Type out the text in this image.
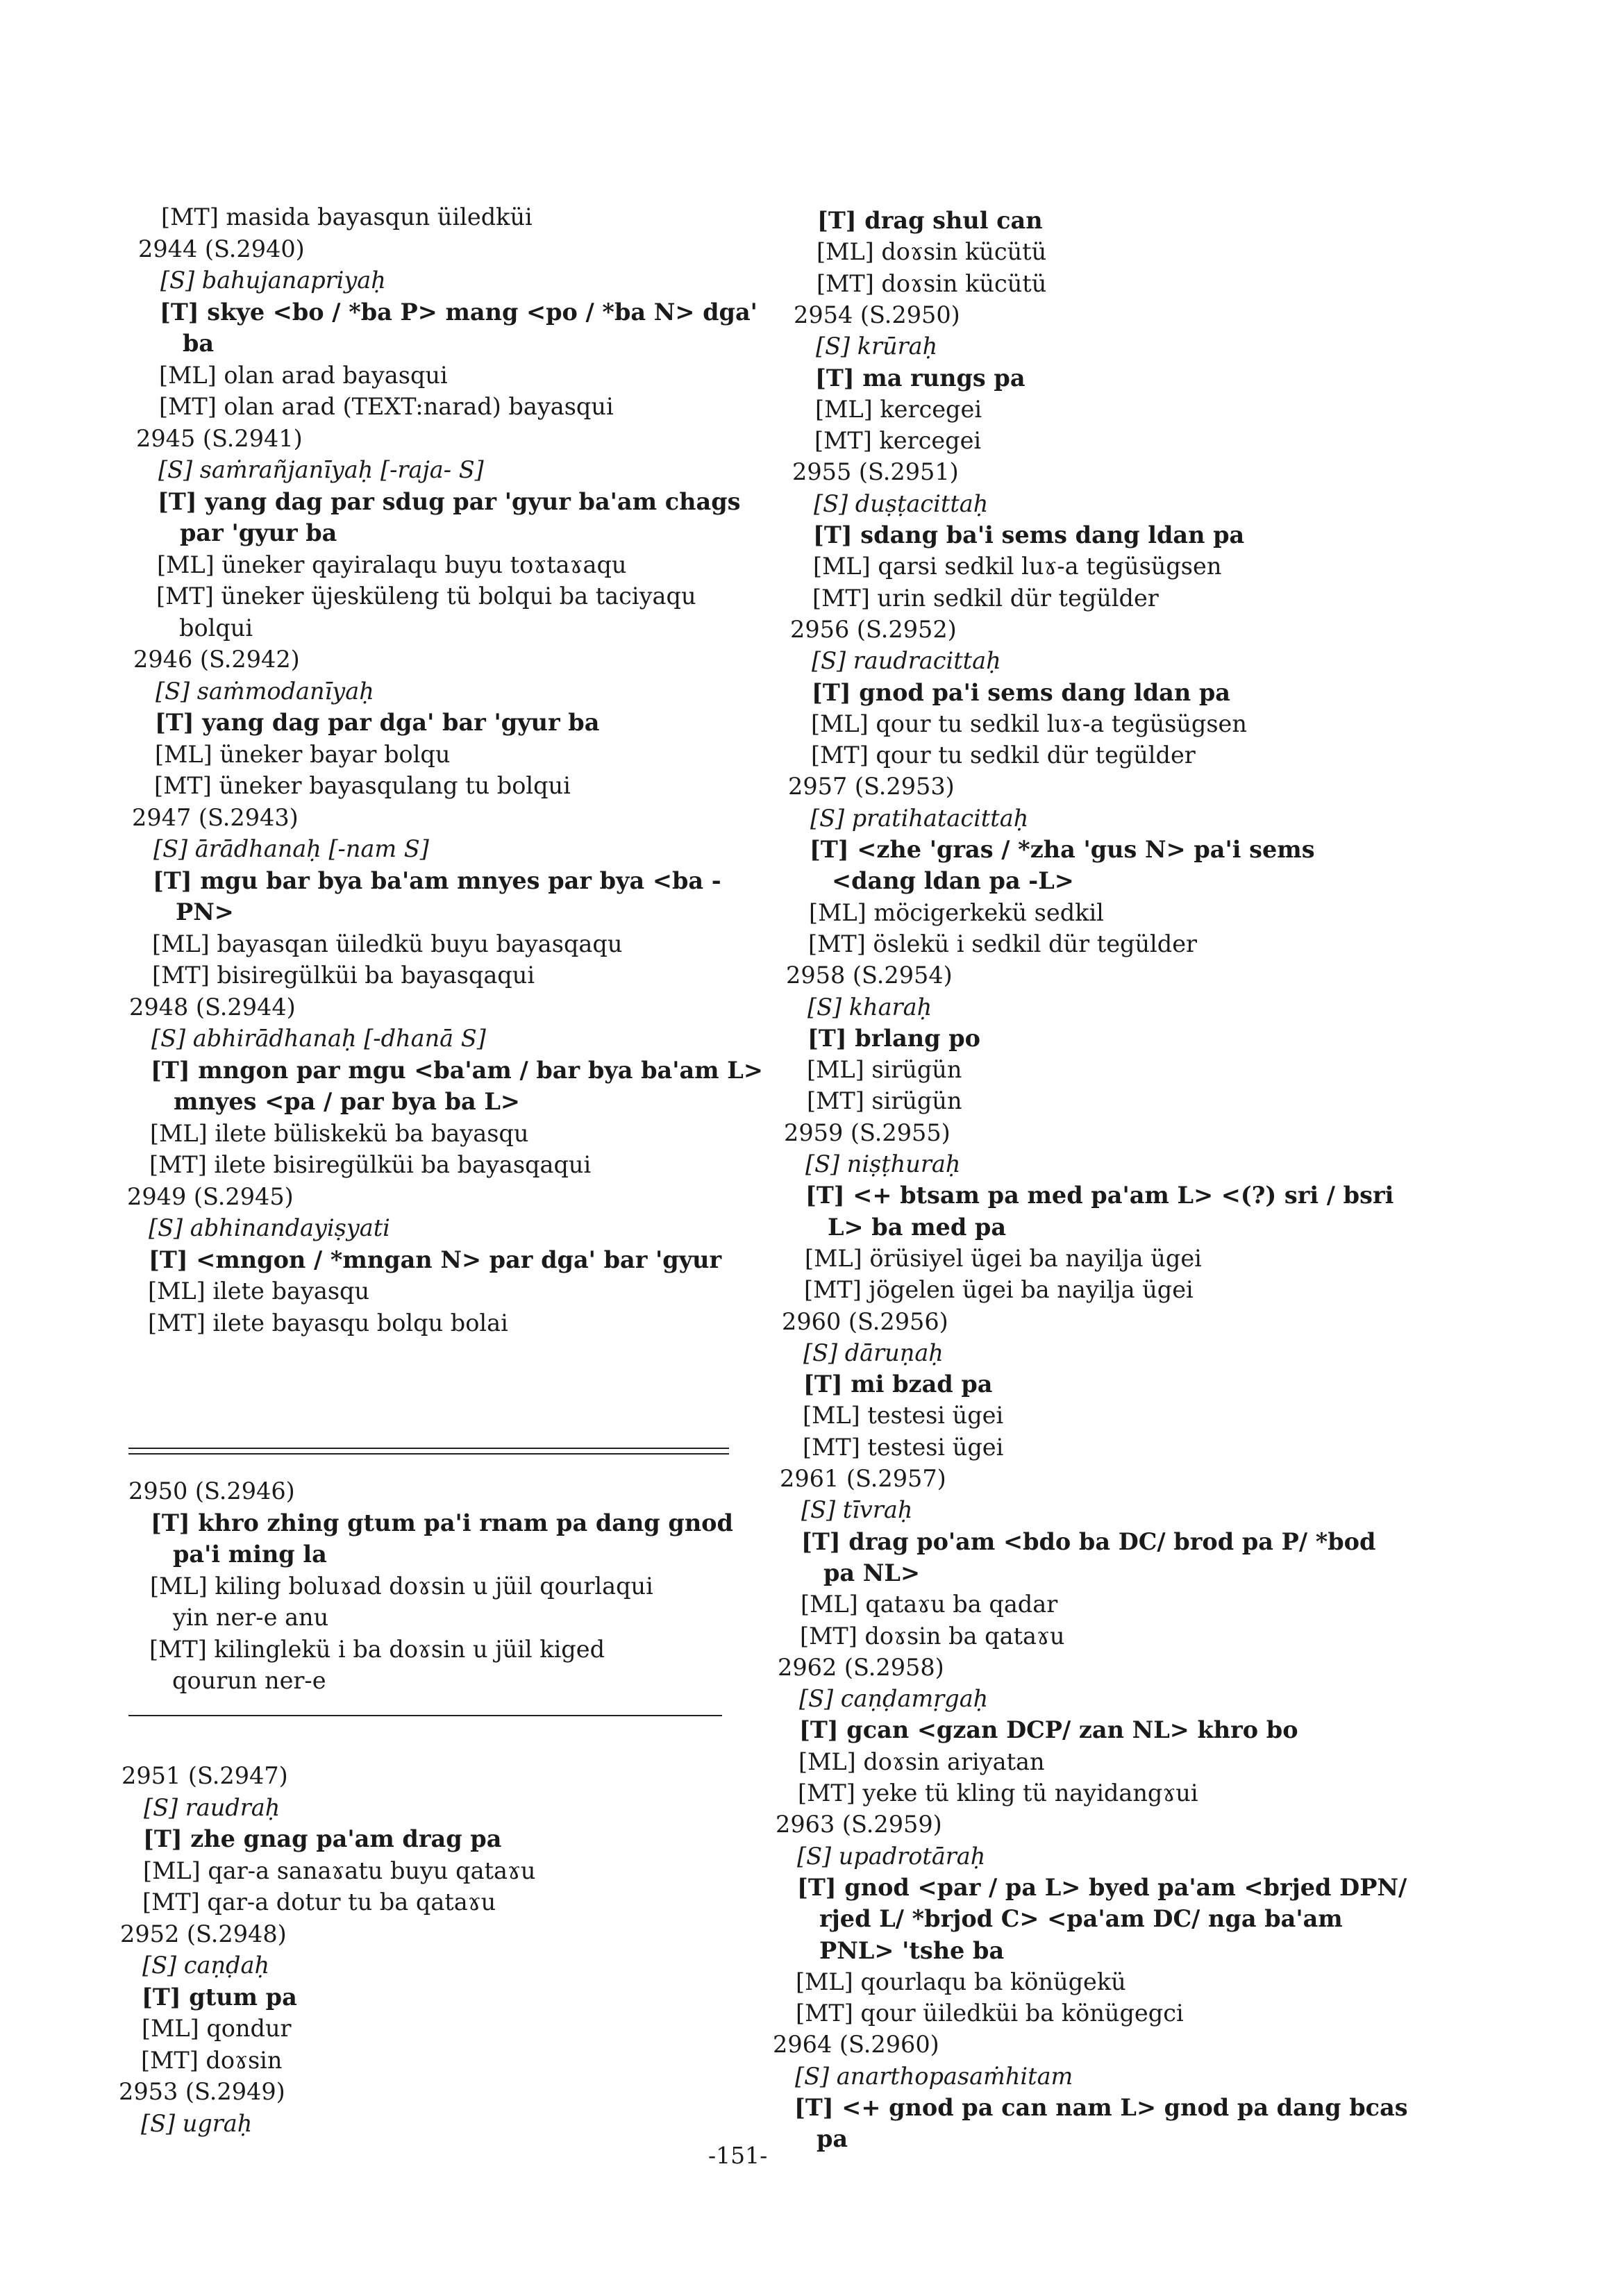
[MT] masida bayasqun üiledküi
2944 (S.2940)
[S] bahujanapriyaḥ
[T] skye <bo / *ba P> mang <po / *ba N> dga'
ba
[ML] olan arad bayasqui
[MT] olan arad (TEXT:narad) bayasqui
2945 (S.2941)
[S] saṁrañjanīyaḥ [-raja- S]
[T] yang dag par sdug par 'gyur ba'am chags
par 'gyur ba
[ML] üneker qayiralaqu buyu toɤtaɤaqu
[MT] üneker üjesküleng tü bolqui ba taciyaqu
bolqui
2946 (S.2942)
[S] saṁmodanīyaḥ
[T] yang dag par dga' bar 'gyur ba
[ML] üneker bayar bolqu
[MT] üneker bayasqulang tu bolqui
2947 (S.2943)
[S] ārādhanaḥ [-nam S]
[T] mgu bar bya ba'am mnyes par bya <ba -
PN>
[ML] bayasqan üiledkü buyu bayasqaqu
[MT] bisiregülküi ba bayasqaqui
2948 (S.2944)
[S] abhirādhanaḥ [-dhanā S]
[T] mngon par mgu <ba'am / bar bya ba'am L>
mnyes <pa / par bya ba L>
[ML] ilete büliskekü ba bayasqu
[MT] ilete bisiregülküi ba bayasqaqui
2949 (S.2945)
[S] abhinandayiṣyati
[T] <mngon / *mngan N> par dga' bar 'gyur
[ML] ilete bayasqu
[MT] ilete bayasqu bolqu bolai
2950 (S.2946)
[T] khro zhing gtum pa'i rnam pa dang gnod
pa'i ming la
[ML] kiling boluɤad doɤsin u jüil qourlaqui
yin ner-e anu
[MT] kilinglekü i ba doɤsin u jüil kiged
qourun ner-e
2951 (S.2947)
[S] raudraḥ
[T] zhe gnag pa'am drag pa
[ML] qar-a sanaɤatu buyu qataɤu
[MT] qar-a dotur tu ba qataɤu
2952 (S.2948)
[S] caṇḍaḥ
[T] gtum pa
[ML] qondur
[MT] doɤsin
2953 (S.2949)
[S] ugraḥ
[T] drag shul can
[ML] doɤsin kücütü
[MT] doɤsin kücütü
2954 (S.2950)
[S] krūraḥ
[T] ma rungs pa
[ML] kercegei
[MT] kercegei
2955 (S.2951)
[S] duṣṭacittaḥ
[T] sdang ba'i sems dang ldan pa
[ML] qarsi sedkil luɤ-a tegüsügsen
[MT] urin sedkil dür tegülder
2956 (S.2952)
[S] raudracittaḥ
[T] gnod pa'i sems dang ldan pa
[ML] qour tu sedkil luɤ-a tegüsügsen
[MT] qour tu sedkil dür tegülder
2957 (S.2953)
[S] pratihatacittaḥ
[T] <zhe 'gras / *zha 'gus N> pa'i sems
<dang ldan pa -L>
[ML] möcigerkekü sedkil
[MT] öslekü i sedkil dür tegülder
2958 (S.2954)
[S] kharaḥ
[T] brlang po
[ML] sirügün
[MT] sirügün
2959 (S.2955)
[S] niṣṭhuraḥ
[T] <+ btsam pa med pa'am L> <(?) sri / bsri
L> ba med pa
[ML] örüsiyel ügei ba nayilja ügei
[MT] jögelen ügei ba nayilja ügei
2960 (S.2956)
[S] dāruṇaḥ
[T] mi bzad pa
[ML] testesi ügei
[MT] testesi ügei
2961 (S.2957)
[S] tīvraḥ
[T] drag po'am <bdo ba DC/ brod pa P/ *bod
pa NL>
[ML] qataɤu ba qadar
[MT] doɤsin ba qataɤu
2962 (S.2958)
[S] caṇḍamṛgaḥ
[T] gcan <gzan DCP/ zan NL> khro bo
[ML] doɤsin ariyatan
[MT] yeke tü kling tü nayidangɤui
2963 (S.2959)
[S] upadrotāraḥ
[T] gnod <par / pa L> byed pa'am <brjed DPN/
rjed L/ *brjod C> <pa'am DC/ nga ba'am
PNL> 'tshe ba
[ML] qourlaqu ba könügekü
[MT] qour üiledküi ba könügegci
2964 (S.2960)
[S] anarthopasaṁhitam
[T] <+ gnod pa can nam L> gnod pa dang bcas
pa
-151-
